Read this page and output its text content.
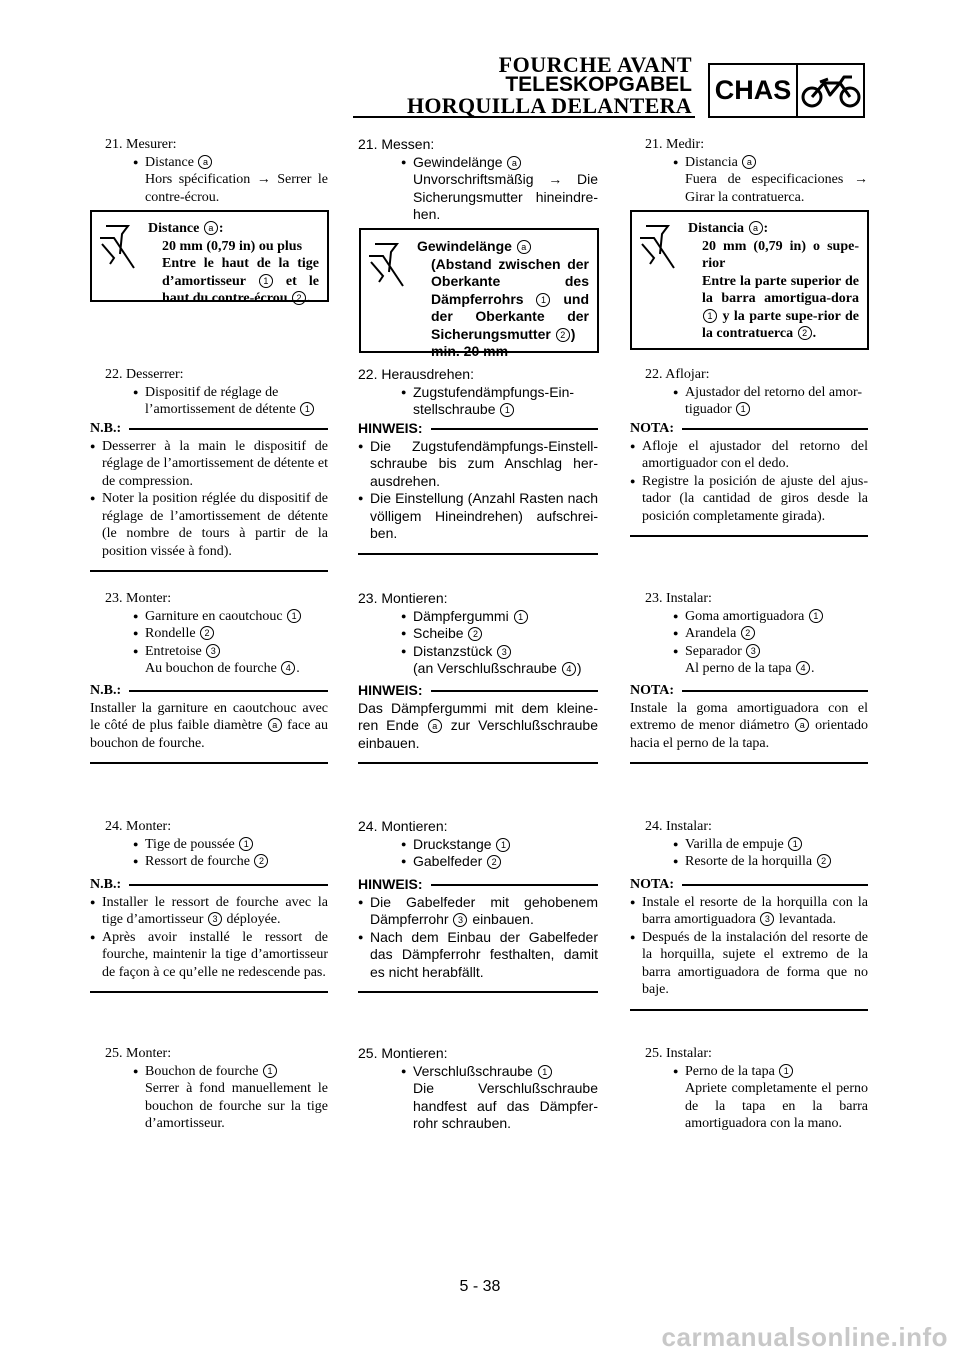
FOURCHE AVANT
TELESKOPGABEL
HORQUILLA DELANTERA
CHAS
21. Mesurer:
● Distance a
Hors spécification → Serrer le contre-écrou.
Distance a :
20 mm (0,79 in) ou plus
Entre le haut de la tige d’amortisseur 1 et le haut du contre-écrou 2 .
22. Desserrer:
● Dispositif de réglage de l’amortissement de détente 1
N.B.:
● Desserrer à la main le dispositif de réglage de l’amortissement de détente et de compression.
● Noter la position réglée du dispositif de réglage de l’amortissement de détente (le nombre de tours à partir de la position vissée à fond).
23. Monter:
● Garniture en caoutchouc 1
● Rondelle 2
● Entretoise 3
Au bouchon de fourche 4 .
N.B.:
Installer la garniture en caoutchouc avec le côté de plus faible diamètre a face au bouchon de fourche.
24. Monter:
● Tige de poussée 1
● Ressort de fourche 2
N.B.:
● Installer le ressort de fourche avec la tige d’amortisseur 3 déployée.
● Après avoir installé le ressort de fourche, maintenir la tige d’amortisseur de façon à ce qu’elle ne redescende pas.
25. Monter:
● Bouchon de fourche 1
Serrer à fond manuellement le bouchon de fourche sur la tige d’amortisseur.
21. Messen:
● Gewindelänge a
Unvorschriftsmäßig → Die Sicherungsmutter hineindre-hen.
Gewindelänge a
(Abstand zwischen der Oberkante des Dämpferrohrs 1 und der Oberkante der Sicherungsmutter 2 )
min. 20 mm
22. Herausdrehen:
● Zugstufendämpfungs-Ein-stellschraube 1
HINWEIS:
● Die Zugstufendämpfungs-Einstell-schraube bis zum Anschlag her-ausdrehen.
● Die Einstellung (Anzahl Rasten nach völligem Hineindrehen) aufschrei-ben.
23. Montieren:
● Dämpfergummi 1
● Scheibe 2
● Distanzstück 3
(an Verschlußschraube 4 )
HINWEIS:
Das Dämpfergummi mit dem kleine-ren Ende a zur Verschlußschraube einbauen.
24. Montieren:
● Druckstange 1
● Gabelfeder 2
HINWEIS:
● Die Gabelfeder mit gehobenem Dämpferrohr 3 einbauen.
● Nach dem Einbau der Gabelfeder das Dämpferrohr festhalten, damit es nicht herabfällt.
25. Montieren:
● Verschlußschraube 1
Die Verschlußschraube handfest auf das Dämpfer-rohr schrauben.
21. Medir:
● Distancia a
Fuera de especificaciones → Girar la contratuerca.
Distancia a :
20 mm (0,79 in) o supe-rior
Entre la parte superior de la barra amortigua-dora 1 y la parte supe-rior de la contratuerca 2 .
22. Aflojar:
● Ajustador del retorno del amor-tiguador 1
NOTA:
● Afloje el ajustador del retorno del amortiguador con el dedo.
● Registre la posición de ajuste del ajus-tador (la cantidad de giros desde la posición completamente girada).
23. Instalar:
● Goma amortiguadora 1
● Arandela 2
● Separador 3
Al perno de la tapa 4 .
NOTA:
Instale la goma amortiguadora con el extremo de menor diámetro a orientado hacia el perno de la tapa.
24. Instalar:
● Varilla de empuje 1
● Resorte de la horquilla 2
NOTA:
● Instale el resorte de la horquilla con la barra amortiguadora 3 levantada.
● Después de la instalación del resorte de la horquilla, sujete el extremo de la barra amortiguadora de forma que no baje.
25. Instalar:
● Perno de la tapa 1
Apriete completamente el perno de la tapa en la barra amortiguadora con la mano.
5 - 38
carmanualsonline.info
